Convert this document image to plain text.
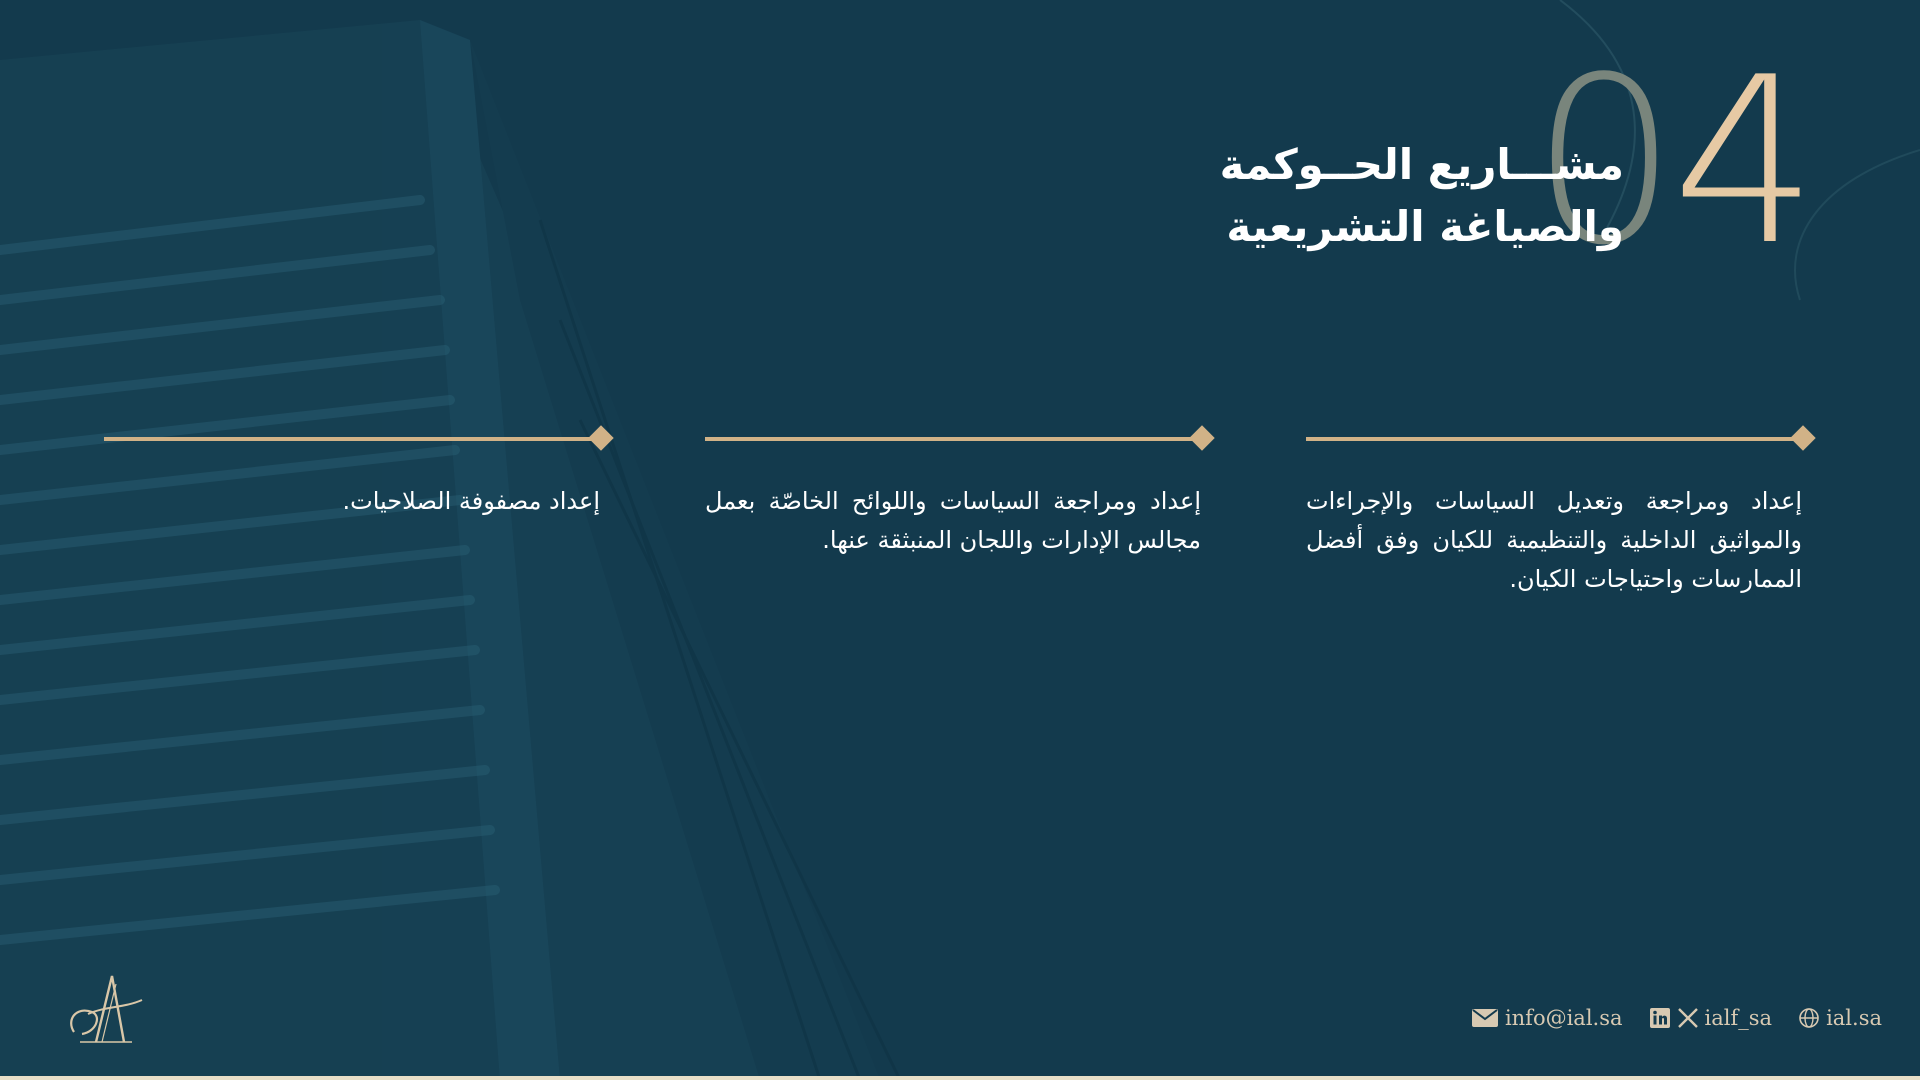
04
مشـــاريع الحــوكمة
والصياغة التشريعية
إعداد ومراجعة وتعديل السياسات والإجراءات والمواثيق الداخلية والتنظيمية للكيان وفق أفضل الممارسات واحتياجات الكيان.
إعداد ومراجعة السياسات واللوائح الخاصّة بعمل مجالس الإدارات واللجان المنبثقة عنها.
إعداد مصفوفة الصلاحيات.
info@ial.sa	ialf_sa	ial.sa
